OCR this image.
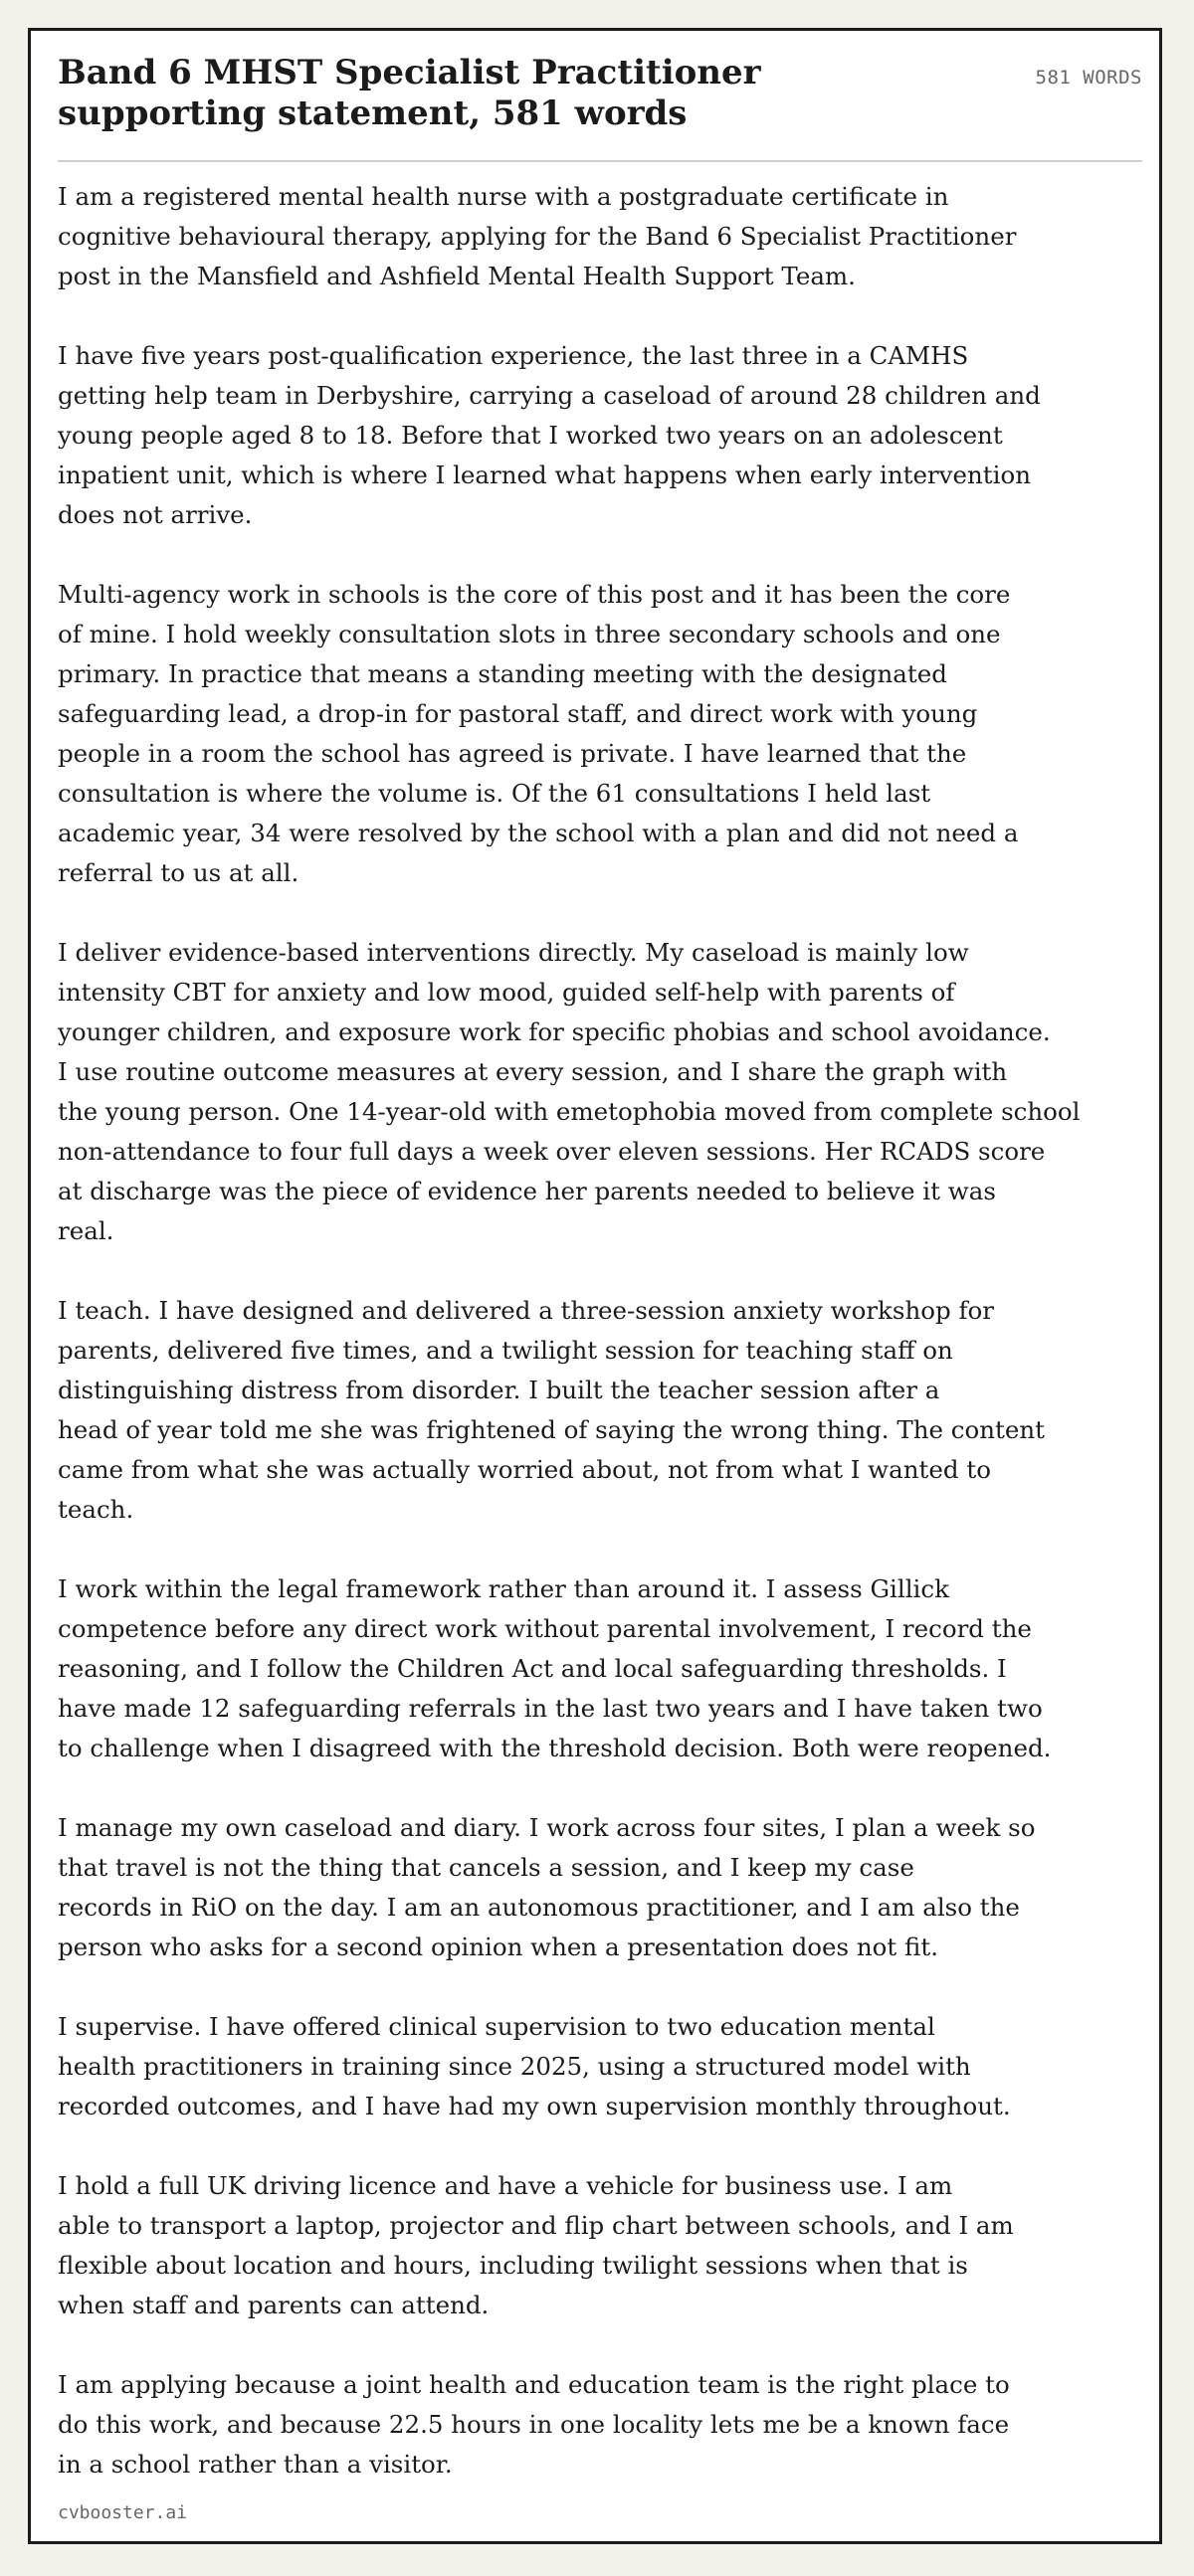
Band 6 MHST Specialist Practitioner supporting statement, 581 words
581 WORDS

I am a registered mental health nurse with a postgraduate certificate in
cognitive behavioural therapy, applying for the Band 6 Specialist Practitioner
post in the Mansfield and Ashfield Mental Health Support Team.

I have five years post-qualification experience, the last three in a CAMHS
getting help team in Derbyshire, carrying a caseload of around 28 children and
young people aged 8 to 18. Before that I worked two years on an adolescent
inpatient unit, which is where I learned what happens when early intervention
does not arrive.

Multi-agency work in schools is the core of this post and it has been the core
of mine. I hold weekly consultation slots in three secondary schools and one
primary. In practice that means a standing meeting with the designated
safeguarding lead, a drop-in for pastoral staff, and direct work with young
people in a room the school has agreed is private. I have learned that the
consultation is where the volume is. Of the 61 consultations I held last
academic year, 34 were resolved by the school with a plan and did not need a
referral to us at all.

I deliver evidence-based interventions directly. My caseload is mainly low
intensity CBT for anxiety and low mood, guided self-help with parents of
younger children, and exposure work for specific phobias and school avoidance.
I use routine outcome measures at every session, and I share the graph with
the young person. One 14-year-old with emetophobia moved from complete school
non-attendance to four full days a week over eleven sessions. Her RCADS score
at discharge was the piece of evidence her parents needed to believe it was
real.

I teach. I have designed and delivered a three-session anxiety workshop for
parents, delivered five times, and a twilight session for teaching staff on
distinguishing distress from disorder. I built the teacher session after a
head of year told me she was frightened of saying the wrong thing. The content
came from what she was actually worried about, not from what I wanted to
teach.

I work within the legal framework rather than around it. I assess Gillick
competence before any direct work without parental involvement, I record the
reasoning, and I follow the Children Act and local safeguarding thresholds. I
have made 12 safeguarding referrals in the last two years and I have taken two
to challenge when I disagreed with the threshold decision. Both were reopened.

I manage my own caseload and diary. I work across four sites, I plan a week so
that travel is not the thing that cancels a session, and I keep my case
records in RiO on the day. I am an autonomous practitioner, and I am also the
person who asks for a second opinion when a presentation does not fit.

I supervise. I have offered clinical supervision to two education mental
health practitioners in training since 2025, using a structured model with
recorded outcomes, and I have had my own supervision monthly throughout.

I hold a full UK driving licence and have a vehicle for business use. I am
able to transport a laptop, projector and flip chart between schools, and I am
flexible about location and hours, including twilight sessions when that is
when staff and parents can attend.

I am applying because a joint health and education team is the right place to
do this work, and because 22.5 hours in one locality lets me be a known face
in a school rather than a visitor.

cvbooster.ai
